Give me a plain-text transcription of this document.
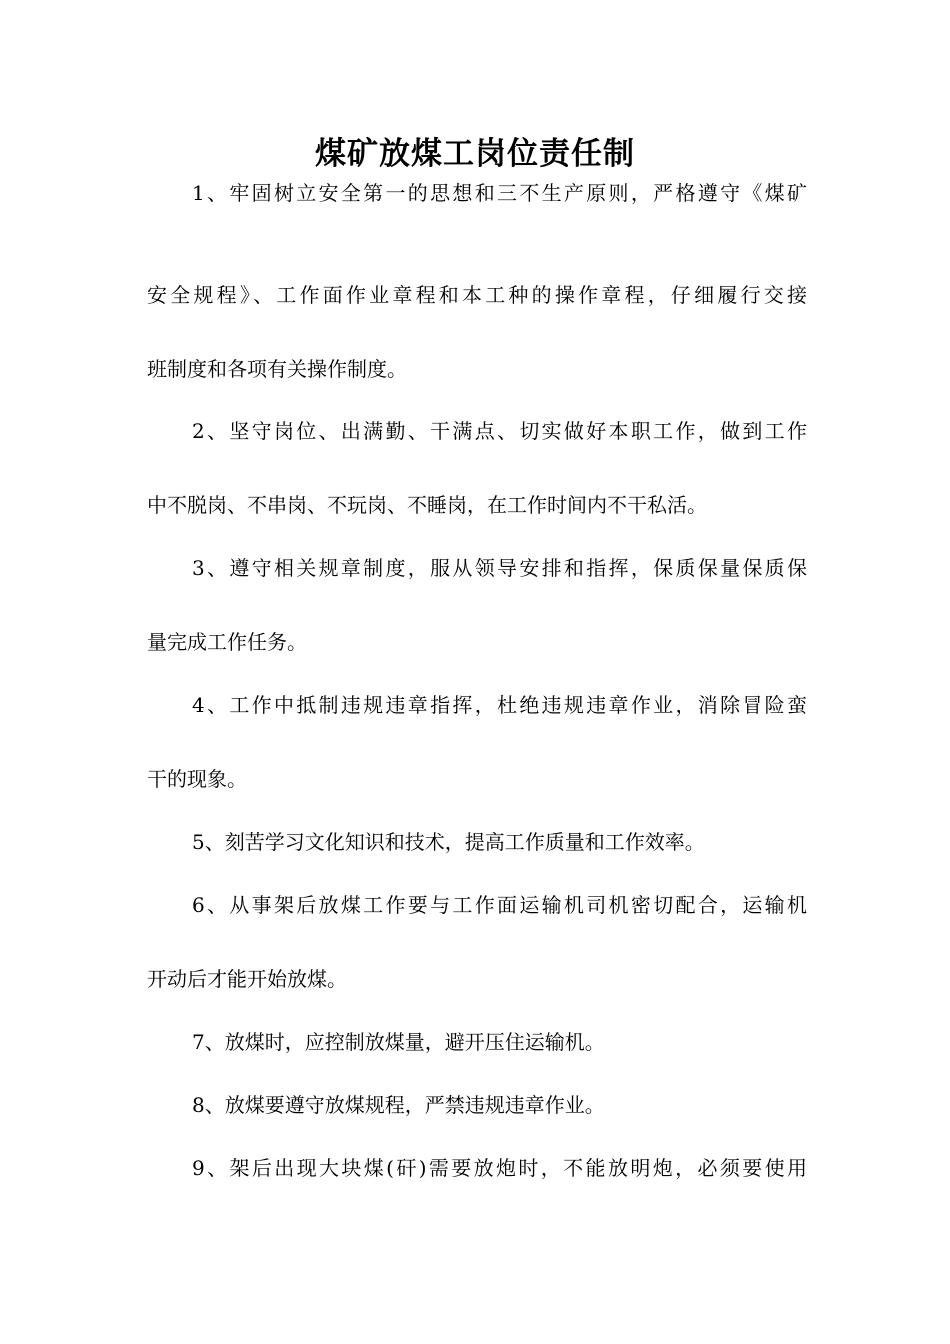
煤矿放煤工岗位责任制
1、牢固树立安全第一的思想和三不生产原则，严格遵守《煤矿
安全规程》、工作面作业章程和本工种的操作章程，仔细履行交接
班制度和各项有关操作制度。
2、坚守岗位、出满勤、干满点、切实做好本职工作，做到工作
中不脱岗、不串岗、不玩岗、不睡岗，在工作时间内不干私活。
3、遵守相关规章制度，服从领导安排和指挥，保质保量保质保
量完成工作任务。
4、工作中抵制违规违章指挥，杜绝违规违章作业，消除冒险蛮
干的现象。
5、刻苦学习文化知识和技术，提高工作质量和工作效率。
6、从事架后放煤工作要与工作面运输机司机密切配合，运输机
开动后才能开始放煤。
7、放煤时，应控制放煤量，避开压住运输机。
8、放煤要遵守放煤规程，严禁违规违章作业。
9、架后出现大块煤(矸)需要放炮时，不能放明炮，必须要使用
